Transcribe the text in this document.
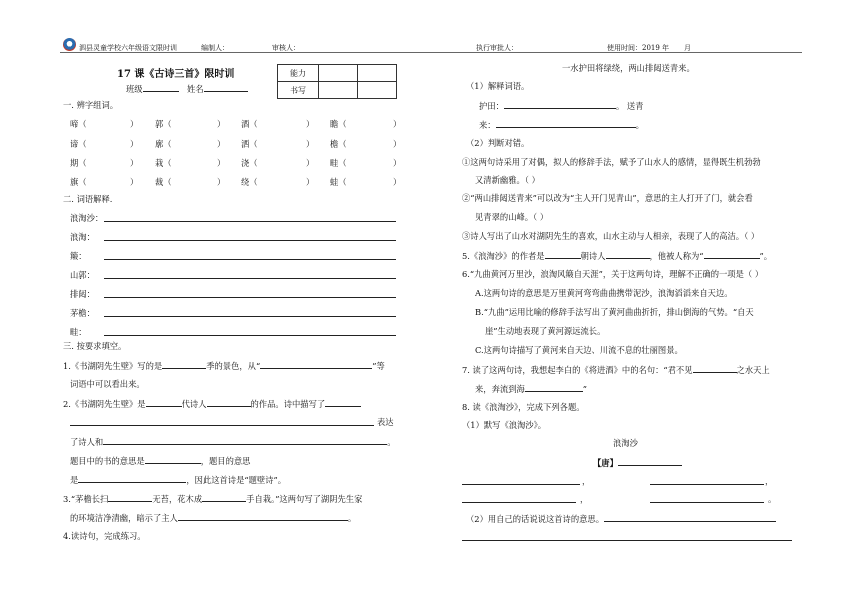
泗县灵童学校六年级语文限时训	编制人：	审核人：	执行审批人：	使用时间：2019 年 月
17 课《古诗三首》限时训
班级	姓名
能力		
书写		
一. 辨字组词。
啼（	） 郭（	） 酒（	） 瞻（	）
谛（	） 廓（	） 洒（	） 檐（	）
期（	） 栽（	） 浇（	） 畦（	）
旗（	） 裁（	） 绕（	） 蛙（	）
二. 词语解释.
浪淘沙：
浪淘：
簸：
山郭：
排闼：
茅檐：
畦：
三. 按要求填空。
1.《书湖阴先生壁》写的是	季的景色，从“	”等
词语中可以看出来。
2.《书湖阴先生壁》是	代诗人	的作品。诗中描写了
表达
了诗人和	。
题目中的书的意思是	，题目的意思
是	，因此这首诗是“题壁诗”。
3.“茅檐长扫	无苔，花木成	手自栽。”这两句写了湖阴先生家
的环境洁净清幽，暗示了主人	。
4.读诗句，完成练习。
一水护田将绿绕，两山排闼送青来。
（1）解释词语。
护田：	。 送青
来：	。
（2）判断对错。
①这两句诗采用了对偶，拟人的修辞手法，赋予了山水人的感情，显得既生机勃勃
又清新幽雅。（ ）
②“两山排闼送青来”可以改为“主人开门见青山”，意思的主人打开了门，就会看
见青翠的山峰。（ ）
③诗人写出了山水对湖阴先生的喜欢，山水主动与人相亲，表现了人的高洁。（ ）
5.《浪淘沙》的作者是	朝诗人	，他被人称为“	”。
6.“九曲黄河万里沙，浪淘风簸自天涯”，关于这两句诗，理解不正确的一项是（ ）
A.这两句诗的意思是万里黄河弯弯曲曲携带泥沙，浪淘滔滔来自天边。
B.“九曲”运用比喻的修辞手法写出了黄河曲曲折折，排山倒海的气势。“自天
崖”生动地表现了黄河源远流长。
C.这两句诗描写了黄河来自天边、川流不息的壮丽图景。
7. 读了这两句诗，我想起李白的《将进酒》中的名句：“君不见	之水天上
来，奔流到海	”
8. 读《浪淘沙》，完成下列各题。
（1）默写《浪淘沙》。
浪淘沙
【唐】
，	，
，	。
（2）用自己的话说说这首诗的意思。
